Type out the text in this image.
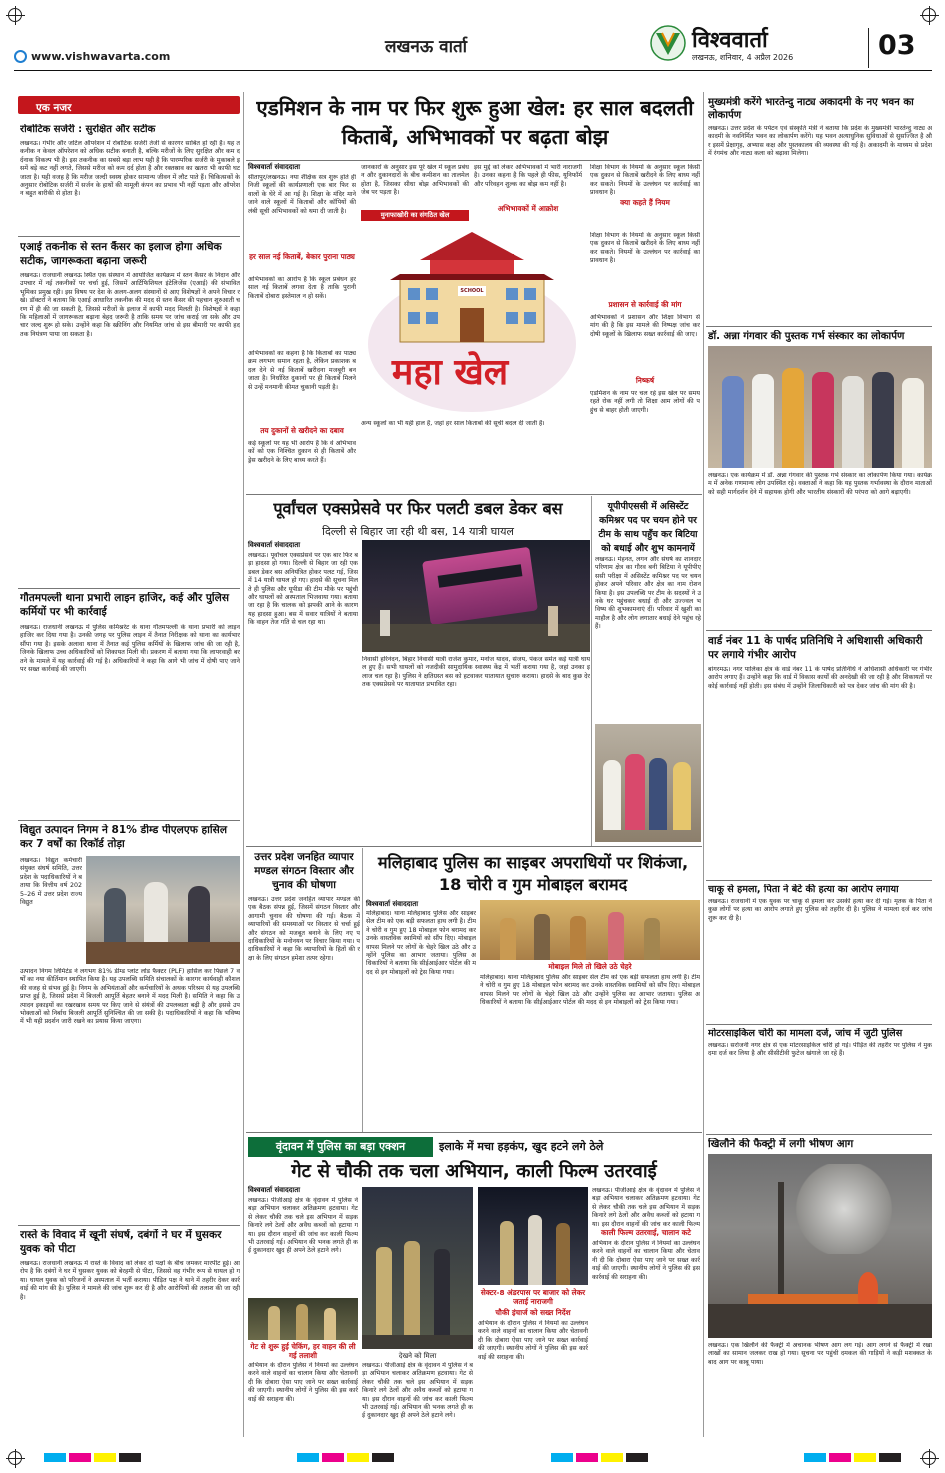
www.vishwavarta.com	लखनऊ वार्ता	विश्ववार्ता
लखनऊ, शनिवार, 4 अप्रैल 2026	03
एक नजर
रोबोटिक सर्जरी : सुरक्षित और सटीक
लखनऊ। गंभीर और जटिल ऑपरेशन में रोबोटिक सर्जरी तेजी से कारगर साबित हो रही है। यह तकनीक न केवल ऑपरेशन को अधिक सटीक बनाती है, बल्कि मरीजों के लिए सुरक्षित और कम दर्दनाक विकल्प भी है। इस तकनीक का सबसे बड़ा लाभ यही है कि पारम्परिक सर्जरी के मुकाबले इसमें बड़े कट नहीं लगते, जिससे मरीज को कम दर्द होता है और रक्तस्राव का खतरा भी काफी घट जाता है। यही वजह है कि मरीज जल्दी स्वस्थ होकर सामान्य जीवन में लौट पाते हैं। चिकित्सकों के अनुसार रोबोटिक सर्जरी में सर्जन के हाथों की मामूली कंपन का प्रभाव भी नहीं पड़ता और ऑपरेशन बहुत बारीकी से होता है।
एआई तकनीक से स्तन कैंसर का इलाज होगा अधिक सटीक, जागरूकता बढ़ाना जरूरी
लखनऊ। राजधानी लखनऊ स्थित एक संस्थान में आयोजित कार्यक्रम में स्तन कैंसर के निदान और उपचार में नई तकनीकों पर चर्चा हुई, जिसमें आर्टिफिशियल इंटेलिजेंस (एआई) की संभावित भूमिका प्रमुख रही। इस विषय पर देश के अलग-अलग संस्थानों से आए विशेषज्ञों ने अपने विचार रखे। डॉक्टरों ने बताया कि एआई आधारित तकनीक की मदद से स्तन कैंसर की पहचान शुरुआती चरण में ही की जा सकती है, जिससे मरीजों के इलाज में काफी मदद मिलती है। विशेषज्ञों ने कहा कि महिलाओं में जागरूकता बढ़ाना बेहद जरूरी है ताकि समय पर जांच कराई जा सके और उपचार जल्द शुरू हो सके। उन्होंने कहा कि स्क्रीनिंग और नियमित जांच से इस बीमारी पर काफी हद तक नियंत्रण पाया जा सकता है।
गौतमपल्ली थाना प्रभारी लाइन हाजिर, कई और पुलिस कर्मियों पर भी कार्रवाई
लखनऊ। राजधानी लखनऊ में पुलिस कमिश्नरेट के थाना गौतमपल्ली के थाना प्रभारी को लाइन हाजिर कर दिया गया है। उनकी जगह पर पुलिस लाइन में तैनात निरीक्षक को थाना का कार्यभार सौंपा गया है। इसके अलावा थाना में तैनात कई पुलिस कर्मियों के खिलाफ जांच की जा रही है, जिनके खिलाफ उच्च अधिकारियों को शिकायत मिली थी। प्रकरण में बताया गया कि लापरवाही बरतने के मामले में यह कार्रवाई की गई है। अधिकारियों ने कहा कि आगे भी जांच में दोषी पाए जाने पर सख्त कार्रवाई की जाएगी।
विद्युत उत्पादन निगम ने 81% डीम्ड पीएलएफ हासिल कर 7 वर्षों का रिकॉर्ड तोड़ा
लखनऊ। विद्युत कर्मचारी संयुक्त संघर्ष समिति, उत्तर प्रदेश के पदाधिकारियों ने बताया कि वित्तीय वर्ष 2025–26 में उत्तर प्रदेश राज्य विद्युत
उत्पादन निगम लिमिटेड ने लगभग 81% डीम्ड प्लांट लोड फैक्टर (PLF) हासिल कर पिछले 7 वर्षों का नया कीर्तिमान स्थापित किया है। यह उपलब्धि समिति संचालकों के कारगर कार्यवाही कौशल की वजह से संभव हुई है। निगम के अभियंताओं और कर्मचारियों के अथक परिश्रम से यह उपलब्धि प्राप्त हुई है, जिससे प्रदेश में बिजली आपूर्ति बेहतर बनाने में मदद मिली है। समिति ने कहा कि उत्पादन इकाइयों का रखरखाव समय पर किए जाने से संयंत्रों की उपलब्धता बढ़ी है और इससे उपभोक्ताओं को निर्बाध बिजली आपूर्ति सुनिश्चित की जा सकी है। पदाधिकारियों ने कहा कि भविष्य में भी यही प्रदर्शन जारी रखने का प्रयास किया जाएगा।
रास्ते के विवाद में खूनी संघर्ष, दबंगों ने घर में घुसकर युवक को पीटा
लखनऊ। राजधानी लखनऊ में रास्ते के विवाद को लेकर दो पक्षों के बीच जमकर मारपीट हुई। आरोप है कि दबंगों ने घर में घुसकर युवक को बेरहमी से पीटा, जिससे वह गंभीर रूप से घायल हो गया। घायल युवक को परिजनों ने अस्पताल में भर्ती कराया। पीड़ित पक्ष ने थाने में तहरीर देकर कार्रवाई की मांग की है। पुलिस ने मामले की जांच शुरू कर दी है और आरोपियों की तलाश की जा रही है।
एडमिशन के नाम पर फिर शुरू हुआ खेल: हर साल बदलती किताबें, अभिभावकों पर बढ़ता बोझ
विश्ववार्ता संवाददाता
सीतापुर/लखनऊ। नया शैक्षिक सत्र शुरू होते ही निजी स्कूलों की कार्यप्रणाली एक बार फिर सवालों के घेरे में आ गई है। शिक्षा के मंदिर माने जाने वाले स्कूलों में किताबों और कॉपियों की लंबी सूची अभिभावकों को थमा दी जाती है।
जानकारों के अनुसार इस पूरे खेल में स्कूल प्रबंधन और दुकानदारों के बीच कमीशन का तालमेल होता है, जिसका सीधा बोझ अभिभावकों की जेब पर पड़ता है।
मुनाफाखोरी का संगठित खेल
इस मुद्दे को लेकर अभिभावकों में भारी नाराजगी है। उनका कहना है कि पहले ही फीस, यूनिफॉर्म और परिवहन शुल्क का बोझ कम नहीं है।
अभिभावकों में आक्रोश
शिक्षा विभाग के नियमों के अनुसार स्कूल किसी एक दुकान से किताबें खरीदने के लिए बाध्य नहीं कर सकते। नियमों के उल्लंघन पर कार्रवाई का प्रावधान है।
क्या कहते हैं नियम
SCHOOL
महा खेल
हर साल नई किताबें, बेकार पुराना पाठ्य
अभिभावकों का आरोप है कि स्कूल प्रबंधन हर साल नई किताबें लगवा देता है ताकि पुरानी किताबें दोबारा इस्तेमाल न हो सकें।
अभिभावकों का कहना है कि किताबों का पाठ्यक्रम लगभग समान रहता है, लेकिन प्रकाशक बदल देने से नई किताबें खरीदना मजबूरी बन जाता है। निर्धारित दुकानों पर ही किताबें मिलने से उन्हें मनमानी कीमत चुकानी पड़ती है।
तय दुकानों से खरीदने का दबाव
कई स्कूलों पर यह भी आरोप है कि वे अभिभावकों को एक निश्चित दुकान से ही किताबें और ड्रेस खरीदने के लिए बाध्य करते हैं।
अन्य स्कूलों का भी यही हाल है, जहां हर साल किताबों की सूची बदल दी जाती है।
शिक्षा विभाग के नियमों के अनुसार स्कूल किसी एक दुकान से किताबें खरीदने के लिए बाध्य नहीं कर सकते। नियमों के उल्लंघन पर कार्रवाई का प्रावधान है।
प्रशासन से कार्रवाई की मांग
अभिभावकों ने प्रशासन और शिक्षा विभाग से मांग की है कि इस मामले की निष्पक्ष जांच कर दोषी स्कूलों के खिलाफ सख्त कार्रवाई की जाए।
निष्कर्ष
एडमिशन के नाम पर चल रहे इस खेल पर समय रहते रोक नहीं लगी तो शिक्षा आम लोगों की पहुंच से बाहर होती जाएगी।
पूर्वांचल एक्सप्रेसवे पर फिर पलटी डबल डेकर बस
दिल्ली से बिहार जा रही थी बस, 14 यात्री घायल
विश्ववार्ता संवाददाता
लखनऊ। पूर्वांचल एक्सप्रेसवे पर एक बार फिर बड़ा हादसा हो गया। दिल्ली से बिहार जा रही एक डबल डेकर बस अनियंत्रित होकर पलट गई, जिसमें 14 यात्री घायल हो गए। हादसे की सूचना मिलते ही पुलिस और यूपीडा की टीम मौके पर पहुंची और घायलों को अस्पताल भिजवाया गया। बताया जा रहा है कि चालक को झपकी आने के कारण यह हादसा हुआ। बस में सवार यात्रियों ने बताया कि वाहन तेज गति से चल रहा था।
निवासी हरिनंदन, बिहार निवासी यात्री राजेश कुमार, मनोज यादव, संजय, पंकज समेत कई यात्री घायल हुए हैं। सभी घायलों को नजदीकी सामुदायिक स्वास्थ्य केंद्र में भर्ती कराया गया है, जहां उनका इलाज चल रहा है। पुलिस ने क्षतिग्रस्त बस को हटवाकर यातायात सुचारु कराया। हादसे के बाद कुछ देर तक एक्सप्रेसवे पर यातायात प्रभावित रहा।
यूपीपीएससी में असिस्टेंट कमिश्नर पद पर चयन होने पर टीम के साथ पहुँच कर बिटिया को बधाई और शुभ कामनायें
लखनऊ। मेहनत, लगन और संघर्ष का शानदार परिणाम क्षेत्र का गौरव बनी बिटिया ने यूपीपीएससी परीक्षा में असिस्टेंट कमिश्नर पद पर चयन होकर अपने परिवार और क्षेत्र का नाम रोशन किया है। इस उपलब्धि पर टीम के सदस्यों ने उनके घर पहुंचकर बधाई दी और उज्ज्वल भविष्य की शुभकामनाएं दीं। परिवार में खुशी का माहौल है और लोग लगातार बधाई देने पहुंच रहे हैं।
उत्तर प्रदेश जनहित व्यापार मण्डल संगठन विस्तार और चुनाव की घोषणा
लखनऊ। उत्तर प्रदेश जनहित व्यापार मण्डल की एक बैठक संपन्न हुई, जिसमें संगठन विस्तार और आगामी चुनाव की घोषणा की गई। बैठक में व्यापारियों की समस्याओं पर विस्तार से चर्चा हुई और संगठन को मजबूत बनाने के लिए नए पदाधिकारियों के मनोनयन पर विचार किया गया। पदाधिकारियों ने कहा कि व्यापारियों के हितों की रक्षा के लिए संगठन हमेशा तत्पर रहेगा।
मलिहाबाद पुलिस का साइबर अपराधियों पर शिकंजा, 18 चोरी व गुम मोबाइल बरामद
विश्ववार्ता संवाददाता
मलिहाबाद। थाना मलिहाबाद पुलिस और साइबर सेल टीम को एक बड़ी सफलता हाथ लगी है। टीम ने चोरी व गुम हुए 18 मोबाइल फोन बरामद कर उनके वास्तविक स्वामियों को सौंप दिए। मोबाइल वापस मिलने पर लोगों के चेहरे खिल उठे और उन्होंने पुलिस का आभार जताया। पुलिस अधिकारियों ने बताया कि सीईआईआर पोर्टल की मदद से इन मोबाइलों को ट्रेस किया गया।
मोबाइल मिले तो खिले उठे चेहरे
मलिहाबाद। थाना मलिहाबाद पुलिस और साइबर सेल टीम को एक बड़ी सफलता हाथ लगी है। टीम ने चोरी व गुम हुए 18 मोबाइल फोन बरामद कर उनके वास्तविक स्वामियों को सौंप दिए। मोबाइल वापस मिलने पर लोगों के चेहरे खिल उठे और उन्होंने पुलिस का आभार जताया। पुलिस अधिकारियों ने बताया कि सीईआईआर पोर्टल की मदद से इन मोबाइलों को ट्रेस किया गया।
वृंदावन में पुलिस का बड़ा एक्शन	इलाके में मचा हड़कंप, खुद हटने लगे ठेले
गेट से चौकी तक चला अभियान, काली फिल्म उतरवाई
विश्ववार्ता संवाददाता
लखनऊ। पीजीआई क्षेत्र के वृंदावन में पुलिस ने बड़ा अभियान चलाकर अतिक्रमण हटवाया। गेट से लेकर चौकी तक चले इस अभियान में सड़क किनारे लगे ठेलों और अवैध कब्जों को हटाया गया। इस दौरान वाहनों की जांच कर काली फिल्म भी उतरवाई गई। अभियान की भनक लगते ही कई दुकानदार खुद ही अपने ठेले हटाने लगे।
गेट से शुरू हुई चेकिंग, हर वाहन की ली गई तलाशी
अभियान के दौरान पुलिस ने नियमों का उल्लंघन करने वाले वाहनों का चालान किया और चेतावनी दी कि दोबारा ऐसा पाए जाने पर सख्त कार्रवाई की जाएगी। स्थानीय लोगों ने पुलिस की इस कार्रवाई की सराहना की।
देखने को मिला
लखनऊ। पीजीआई क्षेत्र के वृंदावन में पुलिस ने बड़ा अभियान चलाकर अतिक्रमण हटवाया। गेट से लेकर चौकी तक चले इस अभियान में सड़क किनारे लगे ठेलों और अवैध कब्जों को हटाया गया। इस दौरान वाहनों की जांच कर काली फिल्म भी उतरवाई गई। अभियान की भनक लगते ही कई दुकानदार खुद ही अपने ठेले हटाने लगे।
सेक्टर-8 अंडरपास पर बाजार को लेकर जताई नाराजगी
चौकी इंचार्ज को सख्त निर्देश
अभियान के दौरान पुलिस ने नियमों का उल्लंघन करने वाले वाहनों का चालान किया और चेतावनी दी कि दोबारा ऐसा पाए जाने पर सख्त कार्रवाई की जाएगी। स्थानीय लोगों ने पुलिस की इस कार्रवाई की सराहना की।
लखनऊ। पीजीआई क्षेत्र के वृंदावन में पुलिस ने बड़ा अभियान चलाकर अतिक्रमण हटवाया। गेट से लेकर चौकी तक चले इस अभियान में सड़क किनारे लगे ठेलों और अवैध कब्जों को हटाया गया। इस दौरान वाहनों की जांच कर काली फिल्म
काली फिल्म उतरवाई, चालान कटे
अभियान के दौरान पुलिस ने नियमों का उल्लंघन करने वाले वाहनों का चालान किया और चेतावनी दी कि दोबारा ऐसा पाए जाने पर सख्त कार्रवाई की जाएगी। स्थानीय लोगों ने पुलिस की इस कार्रवाई की सराहना की।
मुख्यमंत्री करेंगे भारतेन्दु नाट्य अकादमी के नए भवन का लोकार्पण
लखनऊ। उत्तर प्रदेश के पर्यटन एवं संस्कृति मंत्री ने बताया कि प्रदेश के मुख्यमंत्री भारतेन्दु नाट्य अकादमी के नवनिर्मित भवन का लोकार्पण करेंगे। यह भवन अत्याधुनिक सुविधाओं से सुसज्जित है और इसमें प्रेक्षागृह, अभ्यास कक्ष और पुस्तकालय की व्यवस्था की गई है। अकादमी के माध्यम से प्रदेश में रंगमंच और नाट्य कला को बढ़ावा मिलेगा।
डॉ. अन्ना गंगवार की पुस्तक गर्भ संस्कार का लोकार्पण
लखनऊ। एक कार्यक्रम में डॉ. अन्ना गंगवार की पुस्तक गर्भ संस्कार का लोकार्पण किया गया। कार्यक्रम में अनेक गणमान्य लोग उपस्थित रहे। वक्ताओं ने कहा कि यह पुस्तक गर्भावस्था के दौरान माताओं को सही मार्गदर्शन देने में सहायक होगी और भारतीय संस्कारों की परंपरा को आगे बढ़ाएगी।
वार्ड नंबर 11 के पार्षद प्रतिनिधि ने अधिशासी अधिकारी पर लगाये गंभीर आरोप
बांगरमऊ। नगर पालिका क्षेत्र के वार्ड नंबर 11 के पार्षद प्रतिनिधि ने अधिशासी अधिकारी पर गंभीर आरोप लगाए हैं। उन्होंने कहा कि वार्ड में विकास कार्यों की अनदेखी की जा रही है और शिकायतों पर कोई कार्रवाई नहीं होती। इस संबंध में उन्होंने जिलाधिकारी को पत्र देकर जांच की मांग की है।
चाकू से हमला, पिता ने बेटे की हत्या का आरोप लगाया
लखनऊ। राजधानी में एक युवक पर चाकू से हमला कर उसकी हत्या कर दी गई। मृतक के पिता ने कुछ लोगों पर हत्या का आरोप लगाते हुए पुलिस को तहरीर दी है। पुलिस ने मामला दर्ज कर जांच शुरू कर दी है।
मोटरसाइकिल चोरी का मामला दर्ज, जांच में जुटी पुलिस
लखनऊ। सरोजनी नगर क्षेत्र से एक मोटरसाइकिल चोरी हो गई। पीड़ित की तहरीर पर पुलिस ने मुकदमा दर्ज कर लिया है और सीसीटीवी फुटेज खंगाले जा रहे हैं।
खिलौने की फैक्ट्री में लगी भीषण आग
लखनऊ। एक खिलौने की फैक्ट्री में अचानक भीषण आग लग गई। आग लगने से फैक्ट्री में रखा लाखों का सामान जलकर राख हो गया। सूचना पर पहुंची दमकल की गाड़ियों ने कड़ी मशक्कत के बाद आग पर काबू पाया।
